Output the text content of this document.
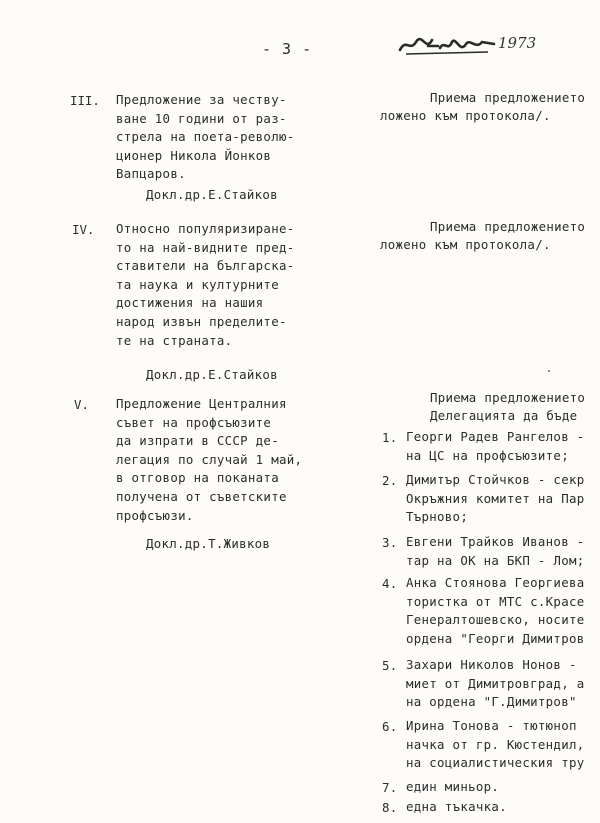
- 3 -	1973
III. Предложение за честву-
ване 10 години от раз-
стрела на поета-револю-
ционер Никола Йонков
Вапцаров.
Докл.др.Е.Стайков
IV. Относно популяризиране-
то на най-видните пред-
ставители на българска-
та наука и културните
достижения на нашия
народ извън пределите-
те на страната.
Докл.др.Е.Стайков
V. Предложение Централния
съвет на профсъюзите
да изпрати в СССР де-
легация по случай 1 май,
в отговор на поканата
получена от съветските
профсъюзи.
Докл.др.Т.Живков
Приема предложението
ложено към протокола/.
Приема предложението
ложено към протокола/.
Приема предложението
Делегацията да бъде
1. Георги Радев Рангелов -
на ЦС на профсъюзите;
2. Димитър Стойчков - секр
Окръжния комитет на Пар
Търново;
3. Евгени Трайков Иванов -
тар на ОК на БКП - Лом;
4. Анка Стоянова Георгиева
тористка от МТС с.Красе
Генералтошевско, носите
ордена "Георги Димитров
5. Захари Николов Нонов -
миет от Димитровград, а
на ордена "Г.Димитров"
6. Ирина Тонова - тютюноп
начка от гр. Кюстендил,
на социалистическия тру
7. един миньор.
8. една тъкачка.
